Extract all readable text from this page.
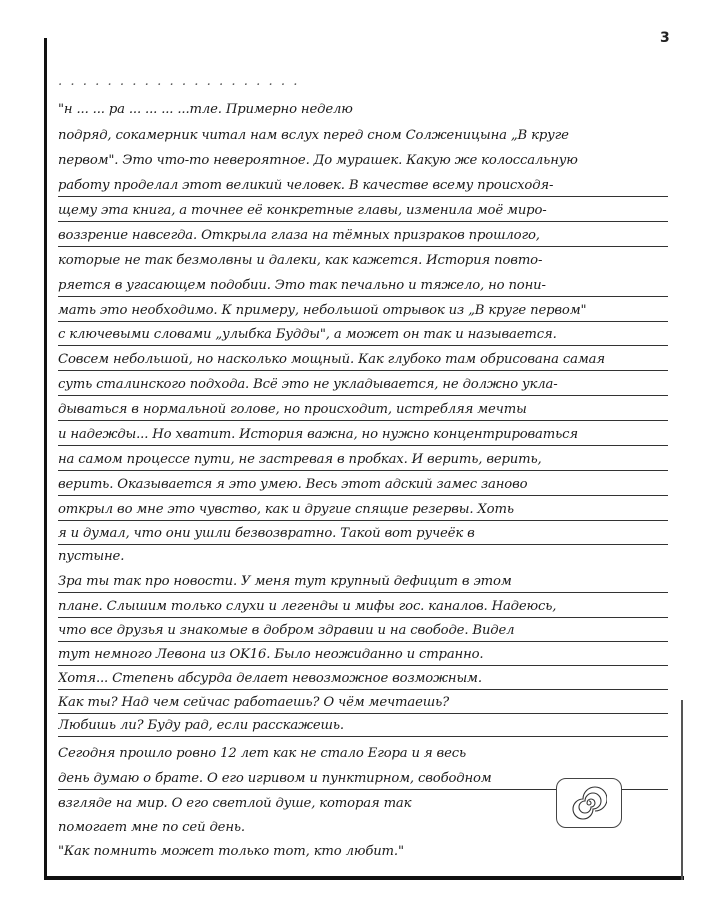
3
. . . . . . . . . . . . . . . . . . . .
"н ... ... ра ... ... ... ...тле. Примерно неделю
подряд, сокамерник читал нам вслух перед сном Солженицына „В круге
первом". Это что-то невероятное. До мурашек. Какую же колоссальную
работу проделал этот великий человек. В качестве всему происходя-
щему эта книга, а точнее её конкретные главы, изменила моё миро-
воззрение навсегда. Открыла глаза на тёмных призраков прошлого,
которые не так безмолвны и далеки, как кажется. История повто-
ряется в угасающем подобии. Это так печально и тяжело, но пони-
мать это необходимо. К примеру, небольшой отрывок из „В круге первом"
с ключевыми словами „улыбка Будды", а может он так и называется.
Совсем небольшой, но насколько мощный. Как глубоко там обрисована самая
суть сталинского подхода. Всё это не укладывается, не должно укла-
дываться в нормальной голове, но происходит, истребляя мечты
и надежды... Но хватит. История важна, но нужно концентрироваться
на самом процессе пути, не застревая в пробках. И верить, верить,
верить. Оказывается я это умею. Весь этот адский замес заново
открыл во мне это чувство, как и другие спящие резервы. Хоть
я и думал, что они ушли безвозвратно. Такой вот ручеёк в
пустыне.
Зра ты так про новости. У меня тут крупный дефицит в этом
плане. Слышим только слухи и легенды и мифы гос. каналов. Надеюсь,
что все друзья и знакомые в добром здравии и на свободе. Видел
тут немного Левона из OK16. Было неожиданно и странно.
Хотя... Степень абсурда делает невозможное возможным.
Как ты? Над чем сейчас работаешь? О чём мечтаешь?
Любишь ли? Буду рад, если расскажешь.
Сегодня прошло ровно 12 лет как не стало Егора и я весь
день думаю о брате. О его игривом и пунктирном, свободном
взгляде на мир. О его светлой душе, которая так
помогает мне по сей день.
"Как помнить может только тот, кто любит."
